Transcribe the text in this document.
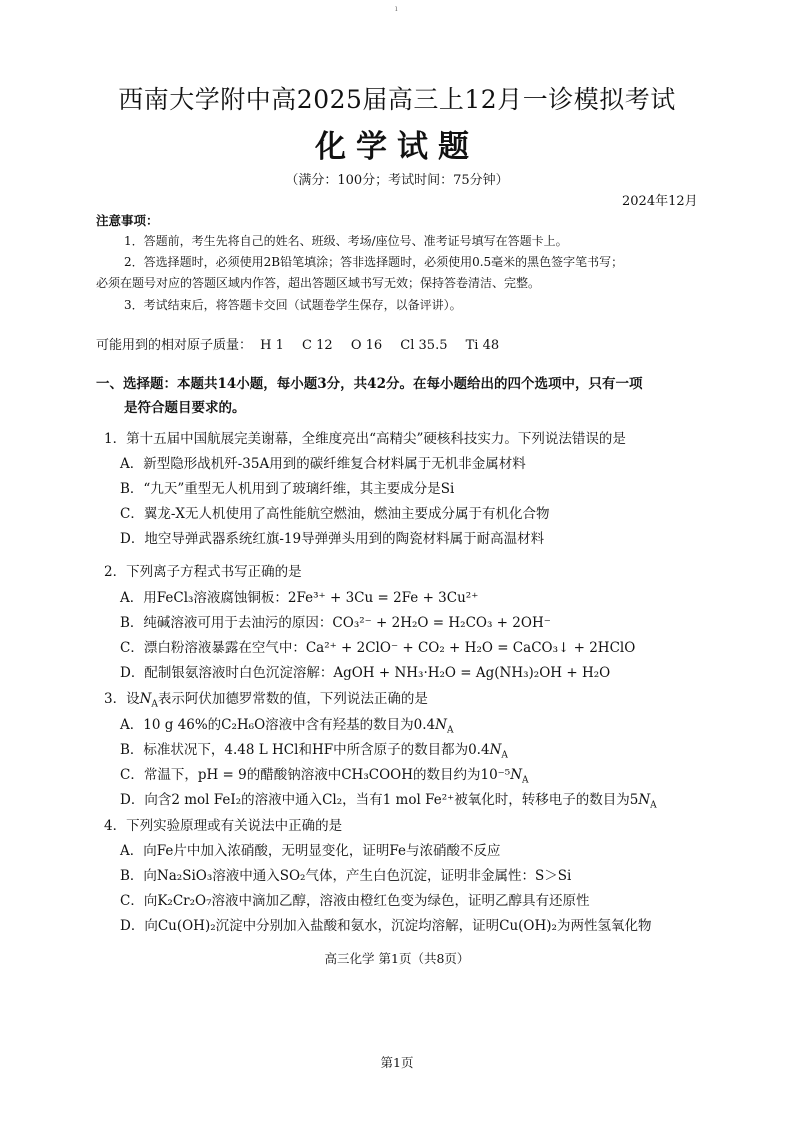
ı
西南大学附中高2025届高三上12月一诊模拟考试
化学试题
（满分：100分；考试时间：75分钟）
2024年12月
注意事项：
1．答题前，考生先将自己的姓名、班级、考场/座位号、准考证号填写在答题卡上。
2．答选择题时，必须使用2B铅笔填涂；答非选择题时，必须使用0.5毫米的黑色签字笔书写；
必须在题号对应的答题区域内作答，超出答题区域书写无效；保持答卷清洁、完整。
3．考试结束后，将答题卡交回（试题卷学生保存，以备评讲）。
可能用到的相对原子质量： H 1 C 12 O 16 Cl 35.5 Ti 48
一、选择题：本题共14小题，每小题3分，共42分。在每小题给出的四个选项中，只有一项
是符合题目要求的。
1．第十五届中国航展完美谢幕，全维度亮出“高精尖”硬核科技实力。下列说法错误的是
A．新型隐形战机歼-35A用到的碳纤维复合材料属于无机非金属材料
B．“九天”重型无人机用到了玻璃纤维，其主要成分是Si
C．翼龙-X无人机使用了高性能航空燃油，燃油主要成分属于有机化合物
D．地空导弹武器系统红旗-19导弹弹头用到的陶瓷材料属于耐高温材料
2．下列离子方程式书写正确的是
A．用FeCl₃溶液腐蚀铜板：2Fe³⁺ + 3Cu = 2Fe + 3Cu²⁺
B．纯碱溶液可用于去油污的原因：CO₃²⁻ + 2H₂O = H₂CO₃ + 2OH⁻
C．漂白粉溶液暴露在空气中：Ca²⁺ + 2ClO⁻ + CO₂ + H₂O = CaCO₃↓ + 2HClO
D．配制银氨溶液时白色沉淀溶解：AgOH + NH₃·H₂O = Ag(NH₃)₂OH + H₂O
3．设$N_A$表示阿伏加德罗常数的值，下列说法正确的是
A．10 g 46%的C₂H₆O溶液中含有羟基的数目为$0.4N_A$
B．标准状况下，4.48 L HCl和HF中所含原子的数目都为$0.4N_A$
C．常温下，pH = 9的醋酸钠溶液中CH₃COOH的数目约为$10^{-5}N_A$
D．向含2 mol FeI₂的溶液中通入Cl₂，当有1 mol Fe²⁺被氧化时，转移电子的数目为$5N_A$
4．下列实验原理或有关说法中正确的是
A．向Fe片中加入浓硝酸，无明显变化，证明Fe与浓硝酸不反应
B．向Na₂SiO₃溶液中通入SO₂气体，产生白色沉淀，证明非金属性：S＞Si
C．向K₂Cr₂O₇溶液中滴加乙醇，溶液由橙红色变为绿色，证明乙醇具有还原性
D．向Cu(OH)₂沉淀中分别加入盐酸和氨水，沉淀均溶解，证明Cu(OH)₂为两性氢氧化物
高三化学 第1页（共8页）
第1页
